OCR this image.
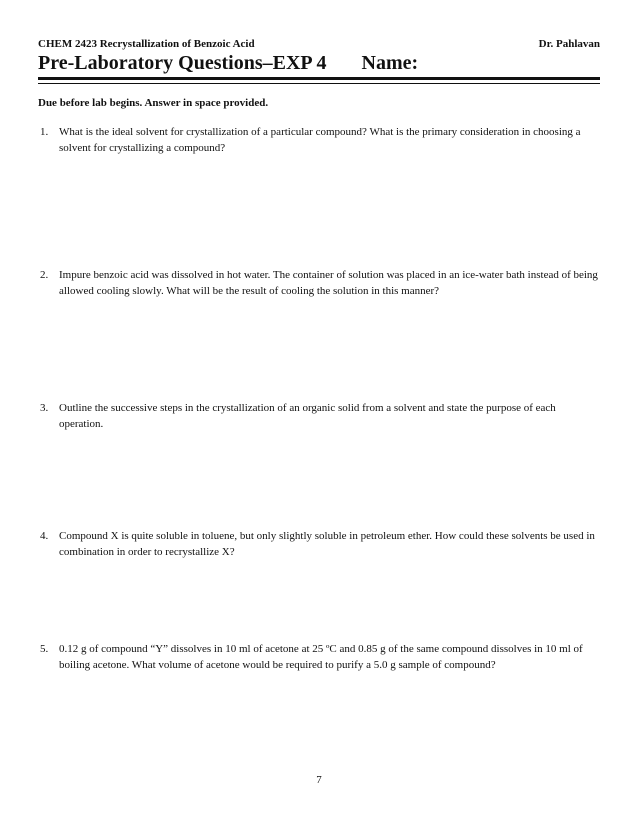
CHEM 2423 Recrystallization of Benzoic Acid	Dr. Pahlavan
Pre-Laboratory Questions–EXP 4 Name:
Due before lab begins. Answer in space provided.
1. What is the ideal solvent for crystallization of a particular compound? What is the primary consideration in choosing a solvent for crystallizing a compound?
2. Impure benzoic acid was dissolved in hot water. The container of solution was placed in an ice-water bath instead of being allowed cooling slowly. What will be the result of cooling the solution in this manner?
3. Outline the successive steps in the crystallization of an organic solid from a solvent and state the purpose of each operation.
4. Compound X is quite soluble in toluene, but only slightly soluble in petroleum ether. How could these solvents be used in combination in order to recrystallize X?
5. 0.12 g of compound “Y” dissolves in 10 ml of acetone at 25 ºC and 0.85 g of the same compound dissolves in 10 ml of boiling acetone. What volume of acetone would be required to purify a 5.0 g sample of compound?
7
